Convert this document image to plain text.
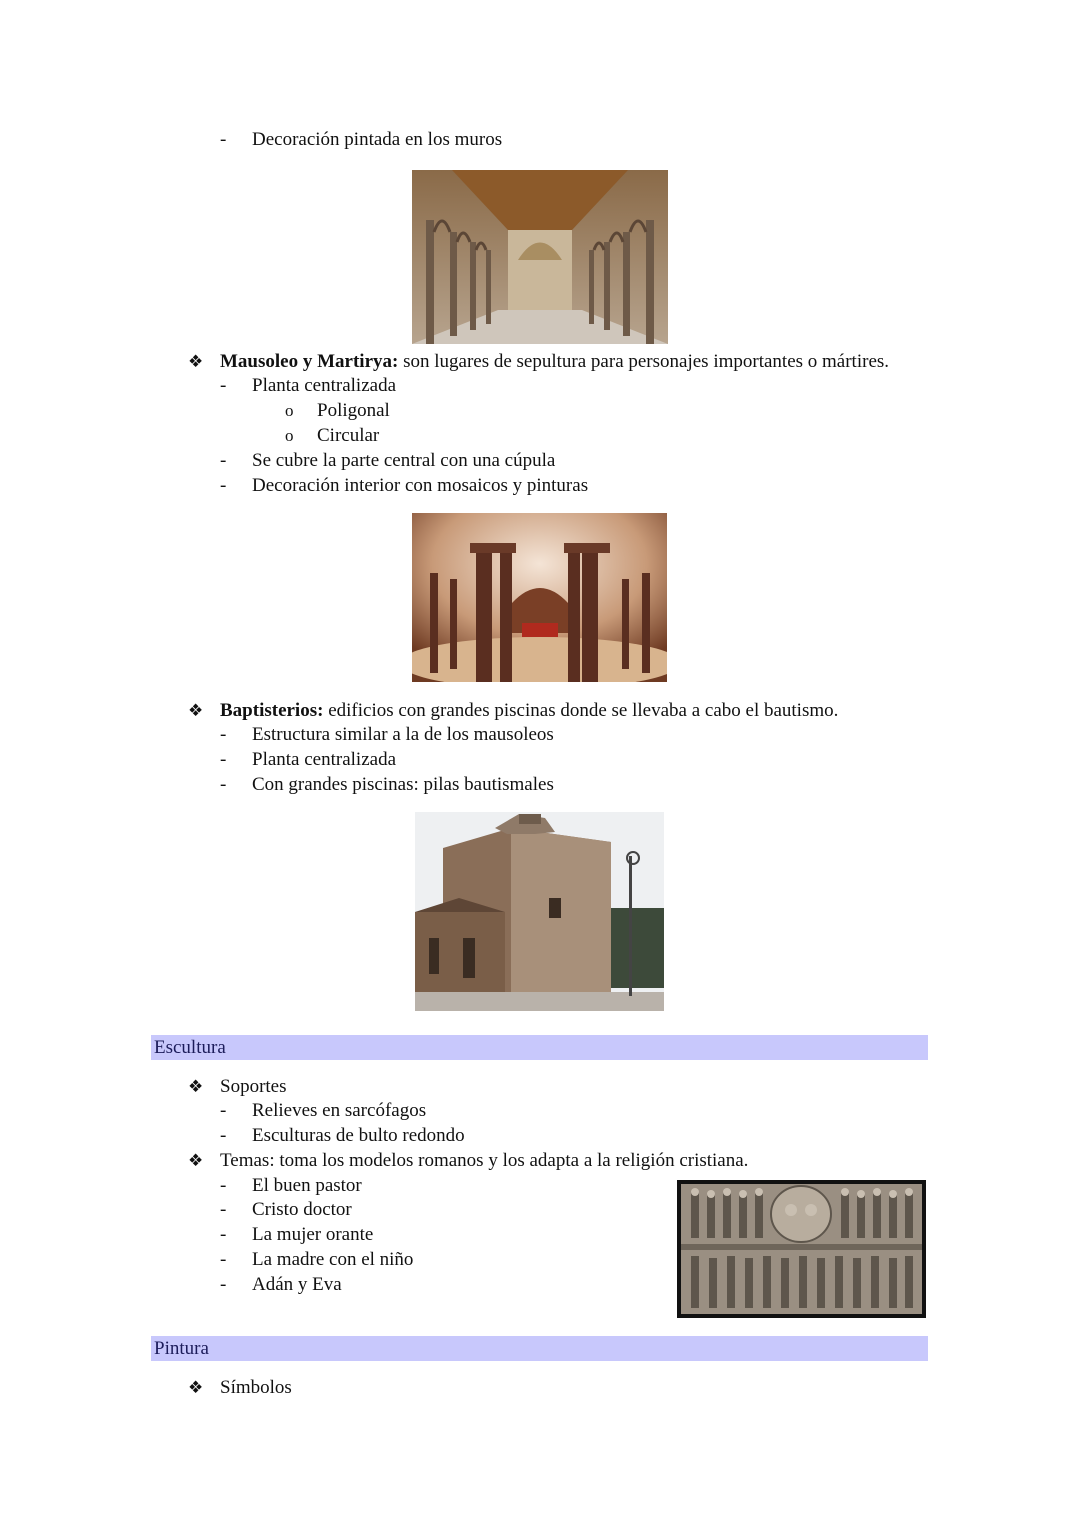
- Decoración pintada en los muros
❖ Mausoleo y Martirya: son lugares de sepultura para personajes importantes o mártires.
- Planta centralizada
o Poligonal
o Circular
- Se cubre la parte central con una cúpula
- Decoración interior con mosaicos y pinturas
❖ Baptisterios: edificios con grandes piscinas donde se llevaba a cabo el bautismo.
- Estructura similar a la de los mausoleos
- Planta centralizada
- Con grandes piscinas: pilas bautismales
Escultura
❖ Soportes
- Relieves en sarcófagos
- Esculturas de bulto redondo
❖ Temas: toma los modelos romanos y los adapta a la religión cristiana.
- El buen pastor
- Cristo doctor
- La mujer orante
- La madre con el niño
- Adán y Eva
Pintura
❖ Símbolos
